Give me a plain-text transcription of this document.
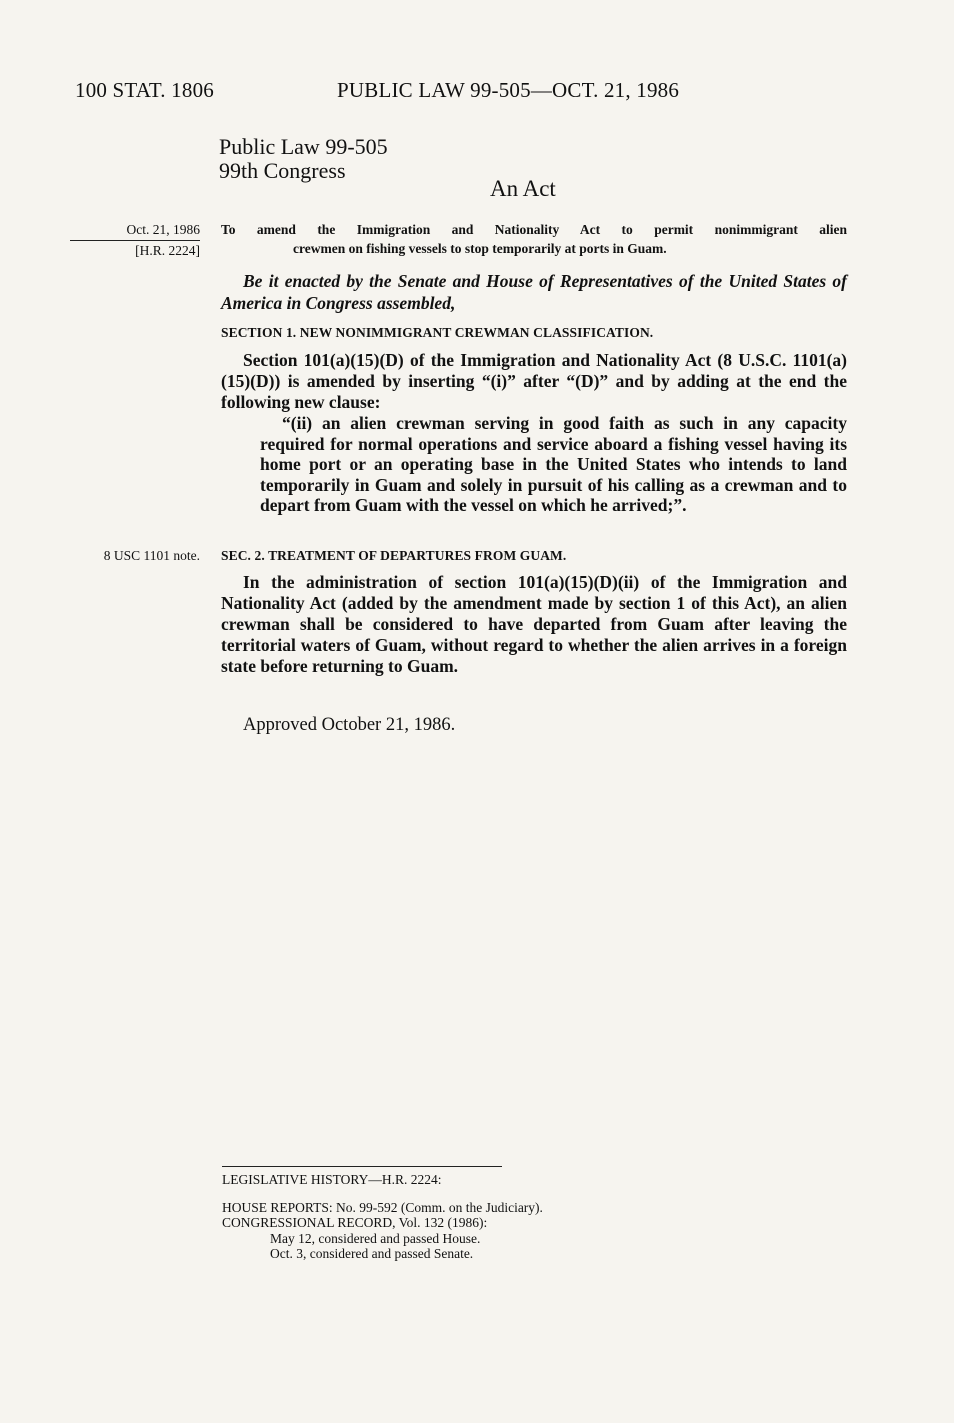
100 STAT. 1806	PUBLIC LAW 99-505—OCT. 21, 1986
Oct. 21, 1986
[H.R. 2224]
Public Law 99-505
99th Congress
An Act
To amend the Immigration and Nationality Act to permit nonimmigrant alien
crewmen on fishing vessels to stop temporarily at ports in Guam.
Be it enacted by the Senate and House of Representatives of the United States of America in Congress assembled,
SECTION 1. NEW NONIMMIGRANT CREWMAN CLASSIFICATION.
Section 101(a)(15)(D) of the Immigration and Nationality Act (8 U.S.C. 1101(a)(15)(D)) is amended by inserting “(i)” after “(D)” and by adding at the end the following new clause:
“(ii) an alien crewman serving in good faith as such in any capacity required for normal operations and service aboard a fishing vessel having its home port or an operating base in the United States who intends to land temporarily in Guam and solely in pursuit of his calling as a crewman and to depart from Guam with the vessel on which he arrived;”.
8 USC 1101 note. SEC. 2. TREATMENT OF DEPARTURES FROM GUAM.
In the administration of section 101(a)(15)(D)(ii) of the Immigration and Nationality Act (added by the amendment made by section 1 of this Act), an alien crewman shall be considered to have departed from Guam after leaving the territorial waters of Guam, without regard to whether the alien arrives in a foreign state before returning to Guam.
Approved October 21, 1986.
LEGISLATIVE HISTORY—H.R. 2224:
HOUSE REPORTS: No. 99-592 (Comm. on the Judiciary).
CONGRESSIONAL RECORD, Vol. 132 (1986):
May 12, considered and passed House.
Oct. 3, considered and passed Senate.
